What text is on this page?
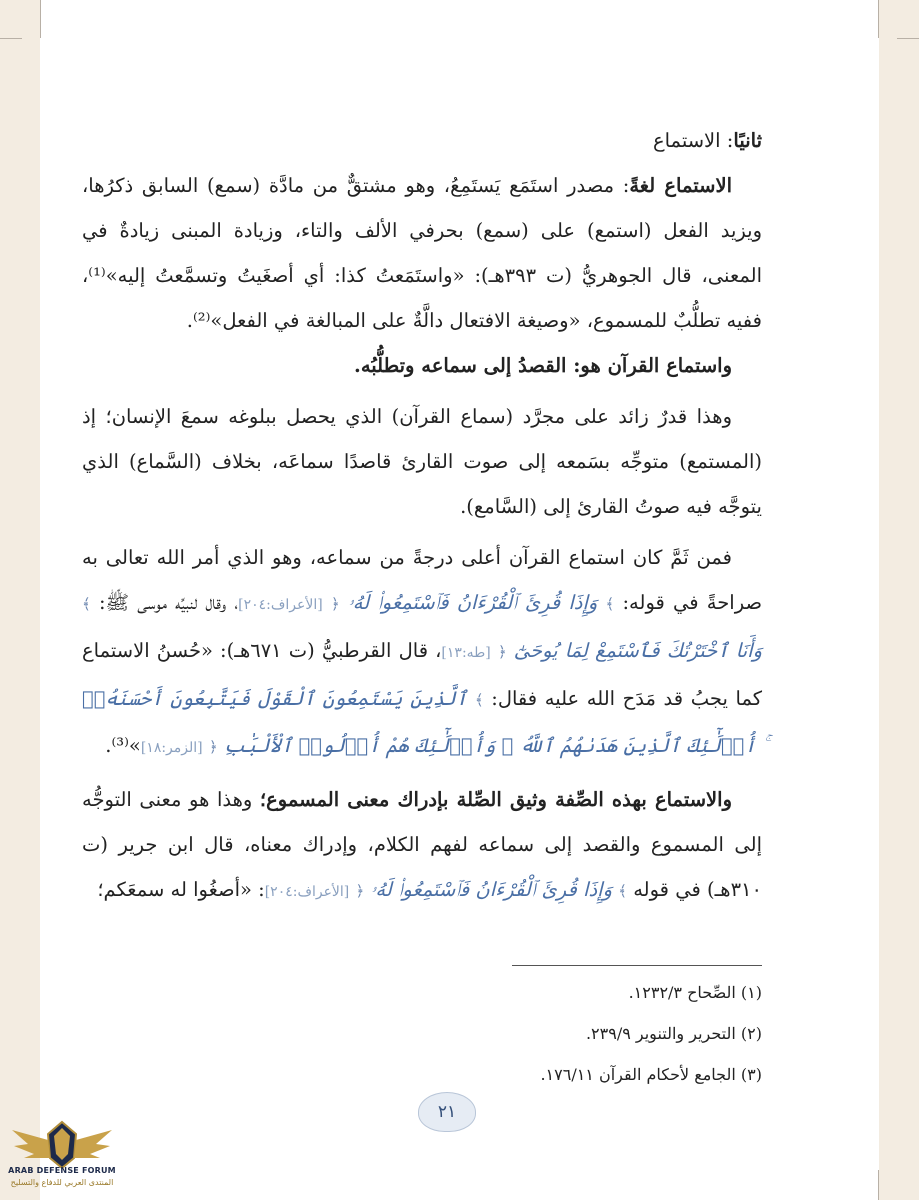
ثانيًا: الاستماع

الاستماع لغةً: مصدر استَمَع يَستَمِعُ، وهو مشتقٌّ من مادَّة (سمع) السابق ذكرُها، ويزيد الفعل (استمع) على (سمع) بحرفي الألف والتاء، وزيادة المبنى زيادةٌ في المعنى، قال الجوهريُّ (ت ٣٩٣هـ): «واستَمَعتُ كذا: أي أصغَيتُ وتسمَّعتُ إليه»⁽¹⁾، ففيه تطلُّبٌ للمسموع، «وصيغة الافتعال دالَّةٌ على المبالغة في الفعل»⁽²⁾.

واستماع القرآن هو: القصدُ إلى سماعه وتطلُّبُه.

وهذا قدرٌ زائد على مجرَّد (سماع القرآن) الذي يحصل ببلوغه سمعَ الإنسان؛ إذ (المستمع) متوجِّه بسَمعه إلى صوت القارئ قاصدًا سماعَه، بخلاف (السَّماع) الذي يتوجَّه فيه صوتُ القارئ إلى (السَّامع).

فمن ثَمَّ كان استماع القرآن أعلى درجةً من سماعه، وهو الذي أمر الله تعالى به صراحةً في قوله: ﴾ وَإِذَا قُرِئَ ٱلْقُرْءَانُ فَٱسْتَمِعُوا۟ لَهُۥ ﴿ [الأعراف:٢٠٤]، وقال لنبيِّه موسى ﷺ: ﴾ وَأَنَا ٱخْتَرْتُكَ فَٱسْتَمِعْ لِمَا يُوحَىٰٓ ﴿ [طه:١٣]، قال القرطبيُّ (ت ٦٧١هـ): «حُسنُ الاستماع كما يجبُ قد مَدَح الله عليه فقال: ﴾ ٱلَّذِينَ يَسْتَمِعُونَ ٱلْقَوْلَ فَيَتَّبِعُونَ أَحْسَنَهُۥٓ ۚ أُو۟لَٰٓئِكَ ٱلَّذِينَ هَدَىٰهُمُ ٱللَّهُ ۖ وَأُو۟لَٰٓئِكَ هُمْ أُو۟لُوا۟ ٱلْأَلْبَٰبِ ﴿ [الزمر:١٨]»⁽³⁾.

والاستماع بهذه الصِّفة وثيق الصِّلة بإدراك معنى المسموع؛ وهذا هو معنى التوجُّه إلى المسموع والقصد إلى سماعه لفهم الكلام، وإدراك معناه، قال ابن جرير (ت ٣١٠هـ) في قوله ﴾ وَإِذَا قُرِئَ ٱلْقُرْءَانُ فَٱسْتَمِعُوا۟ لَهُۥ ﴿ [الأعراف:٢٠٤]: «أصغُوا له سمعَكم؛

(١) الصِّحاح ١٢٣٢/٣.
(٢) التحرير والتنوير ٢٣٩/٩.
(٣) الجامع لأحكام القرآن ١٧٦/١١.
٢١
ARAB DEFENSE FORUM
المنتدى العربي للدفاع والتسليح
